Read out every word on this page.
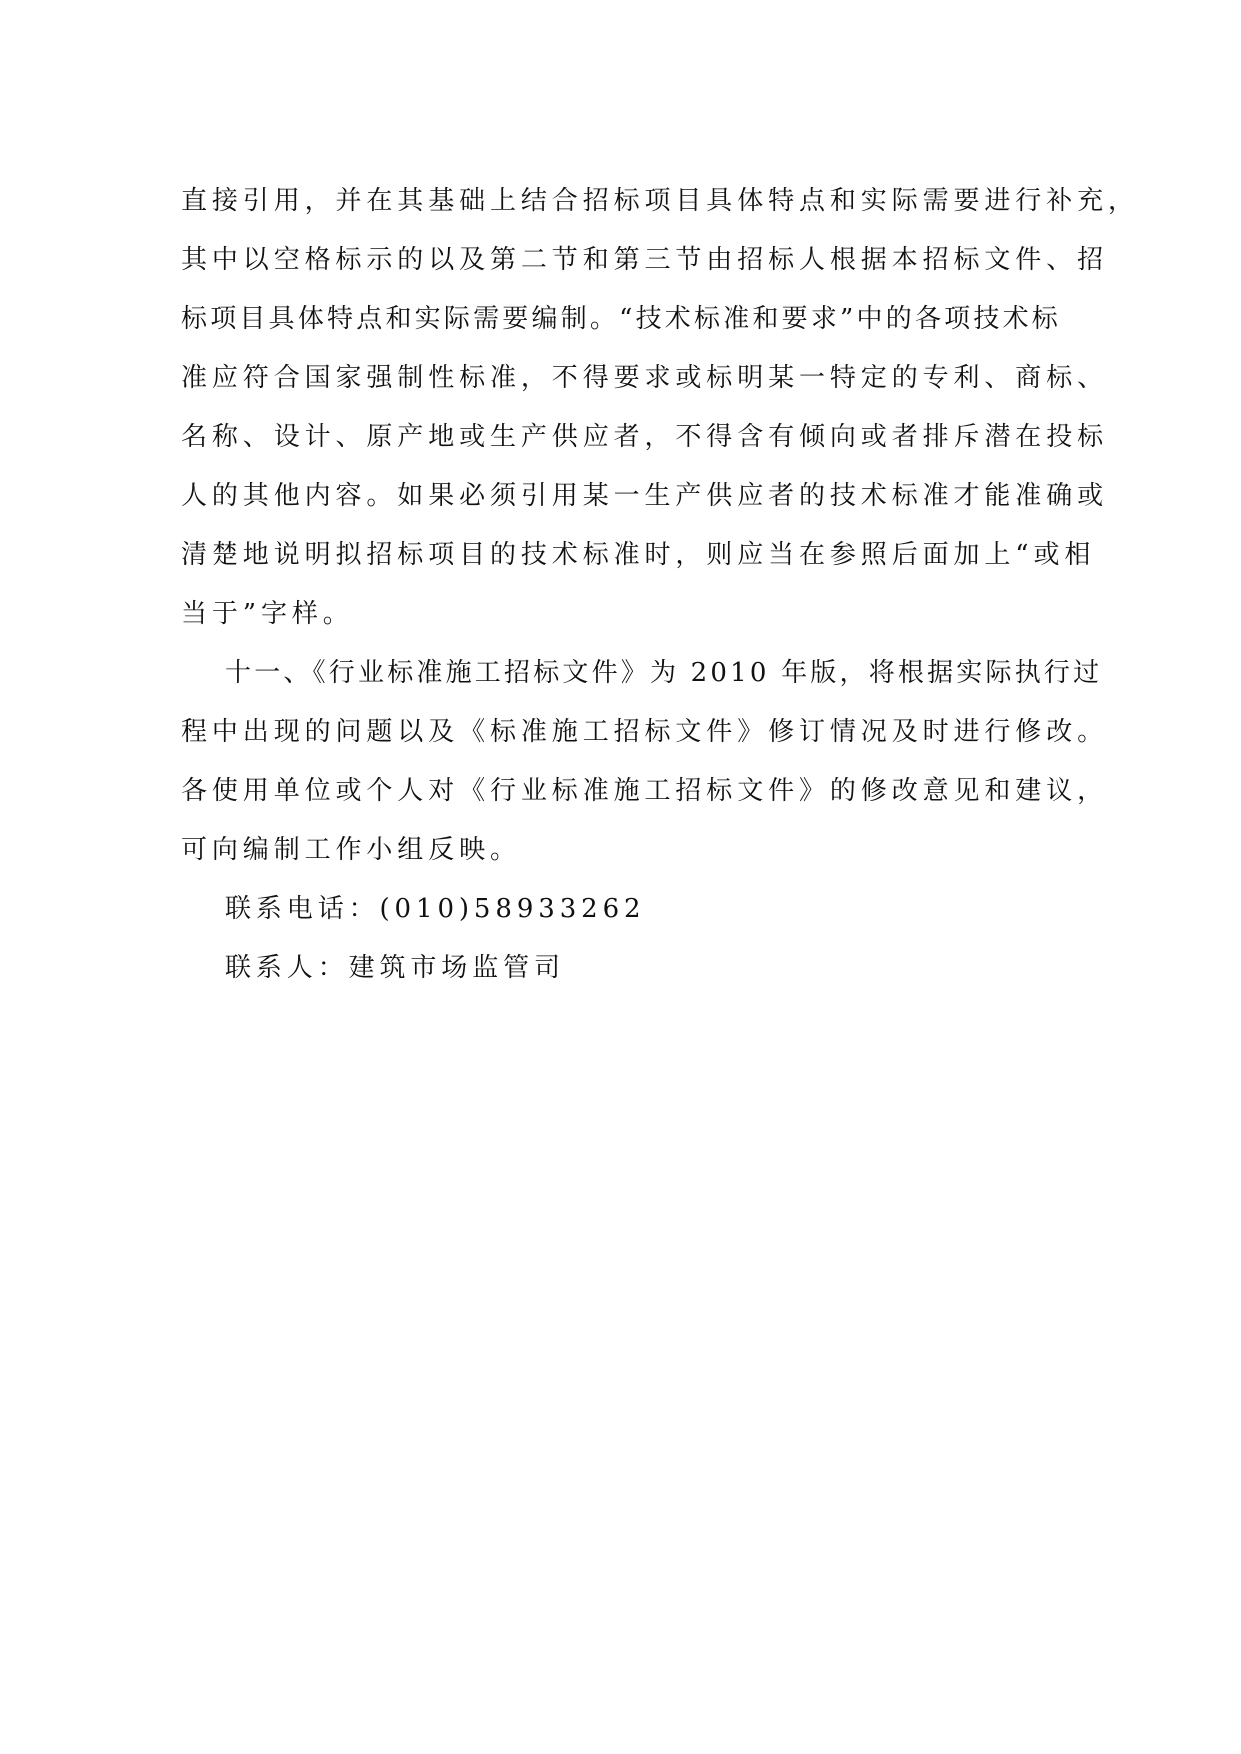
直接引用，并在其基础上结合招标项目具体特点和实际需要进行补充，
其中以空格标示的以及第二节和第三节由招标人根据本招标文件、招
标项目具体特点和实际需要编制。“技术标准和要求”中的各项技术标
准应符合国家强制性标准，不得要求或标明某一特定的专利、商标、
名称、设计、原产地或生产供应者，不得含有倾向或者排斥潜在投标
人的其他内容。如果必须引用某一生产供应者的技术标准才能准确或
清楚地说明拟招标项目的技术标准时，则应当在参照后面加上“或相
当于”字样。
十一、《行业标准施工招标文件》为 2010 年版，将根据实际执行过
程中出现的问题以及《标准施工招标文件》修订情况及时进行修改。
各使用单位或个人对《行业标准施工招标文件》的修改意见和建议，
可向编制工作小组反映。
联系电话：(010)58933262
联系人：建筑市场监管司
